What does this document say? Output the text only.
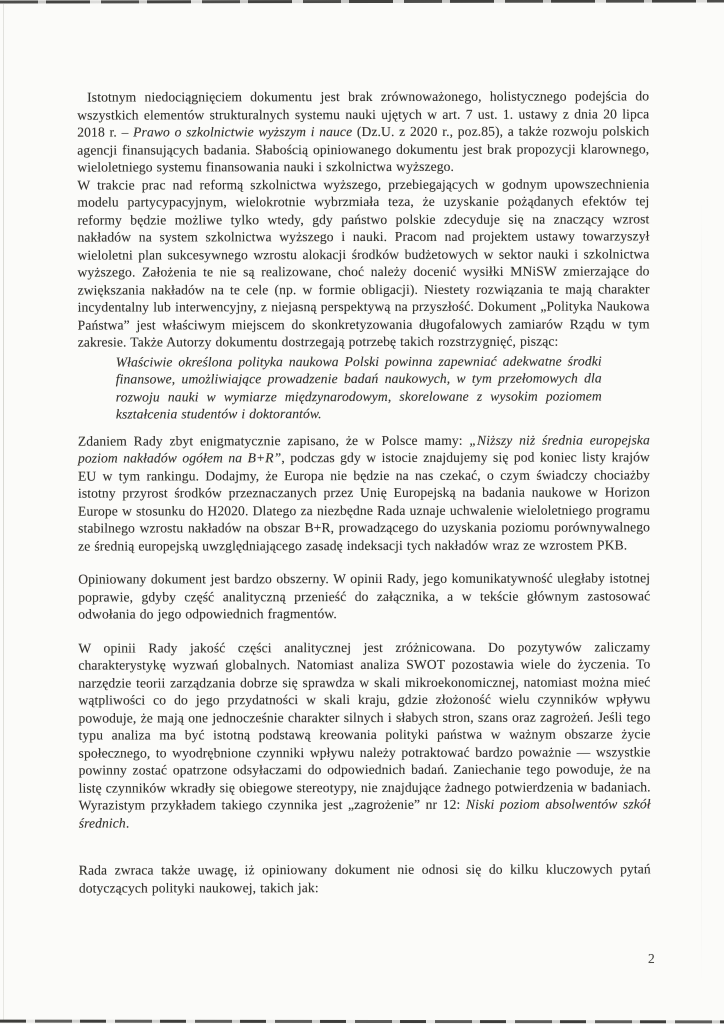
Istotnym niedociągnięciem dokumentu jest brak zrównoważonego, holistycznego podejścia do wszystkich elementów strukturalnych systemu nauki ujętych w art. 7 ust. 1. ustawy z dnia 20 lipca 2018 r. – Prawo o szkolnictwie wyższym i nauce (Dz.U. z 2020 r., poz.85), a także rozwoju polskich agencji finansujących badania. Słabością opiniowanego dokumentu jest brak propozycji klarownego, wieloletniego systemu finansowania nauki i szkolnictwa wyższego.

W trakcie prac nad reformą szkolnictwa wyższego, przebiegających w godnym upowszechnienia modelu partycypacyjnym, wielokrotnie wybrzmiała teza, że uzyskanie pożądanych efektów tej reformy będzie możliwe tylko wtedy, gdy państwo polskie zdecyduje się na znaczący wzrost nakładów na system szkolnictwa wyższego i nauki. Pracom nad projektem ustawy towarzyszył wieloletni plan sukcesywnego wzrostu alokacji środków budżetowych w sektor nauki i szkolnictwa wyższego. Założenia te nie są realizowane, choć należy docenić wysiłki MNiSW zmierzające do zwiększania nakładów na te cele (np. w formie obligacji). Niestety rozwiązania te mają charakter incydentalny lub interwencyjny, z niejasną perspektywą na przyszłość. Dokument „Polityka Naukowa Państwa” jest właściwym miejscem do skonkretyzowania długofalowych zamiarów Rządu w tym zakresie. Także Autorzy dokumentu dostrzegają potrzebę takich rozstrzygnięć, pisząc:

Właściwie określona polityka naukowa Polski powinna zapewniać adekwatne środki finansowe, umożliwiające prowadzenie badań naukowych, w tym przełomowych dla rozwoju nauki w wymiarze międzynarodowym, skorelowane z wysokim poziomem kształcenia studentów i doktorantów.

Zdaniem Rady zbyt enigmatycznie zapisano, że w Polsce mamy: „Niższy niż średnia europejska poziom nakładów ogółem na B+R”, podczas gdy w istocie znajdujemy się pod koniec listy krajów EU w tym rankingu. Dodajmy, że Europa nie będzie na nas czekać, o czym świadczy chociażby istotny przyrost środków przeznaczanych przez Unię Europejską na badania naukowe w Horizon Europe w stosunku do H2020. Dlatego za niezbędne Rada uznaje uchwalenie wieloletniego programu stabilnego wzrostu nakładów na obszar B+R, prowadzącego do uzyskania poziomu porównywalnego ze średnią europejską uwzględniającego zasadę indeksacji tych nakładów wraz ze wzrostem PKB.

Opiniowany dokument jest bardzo obszerny. W opinii Rady, jego komunikatywność uległaby istotnej poprawie, gdyby część analityczną przenieść do załącznika, a w tekście głównym zastosować odwołania do jego odpowiednich fragmentów.

W opinii Rady jakość części analitycznej jest zróżnicowana. Do pozytywów zaliczamy charakterystykę wyzwań globalnych. Natomiast analiza SWOT pozostawia wiele do życzenia. To narzędzie teorii zarządzania dobrze się sprawdza w skali mikroekonomicznej, natomiast można mieć wątpliwości co do jego przydatności w skali kraju, gdzie złożoność wielu czynników wpływu powoduje, że mają one jednocześnie charakter silnych i słabych stron, szans oraz zagrożeń. Jeśli tego typu analiza ma być istotną podstawą kreowania polityki państwa w ważnym obszarze życie społecznego, to wyodrębnione czynniki wpływu należy potraktować bardzo poważnie — wszystkie powinny zostać opatrzone odsyłaczami do odpowiednich badań. Zaniechanie tego powoduje, że na listę czynników wkradły się obiegowe stereotypy, nie znajdujące żadnego potwierdzenia w badaniach. Wyrazistym przykładem takiego czynnika jest „zagrożenie” nr 12: Niski poziom absolwentów szkół średnich.

Rada zwraca także uwagę, iż opiniowany dokument nie odnosi się do kilku kluczowych pytań dotyczących polityki naukowej, takich jak:

2
